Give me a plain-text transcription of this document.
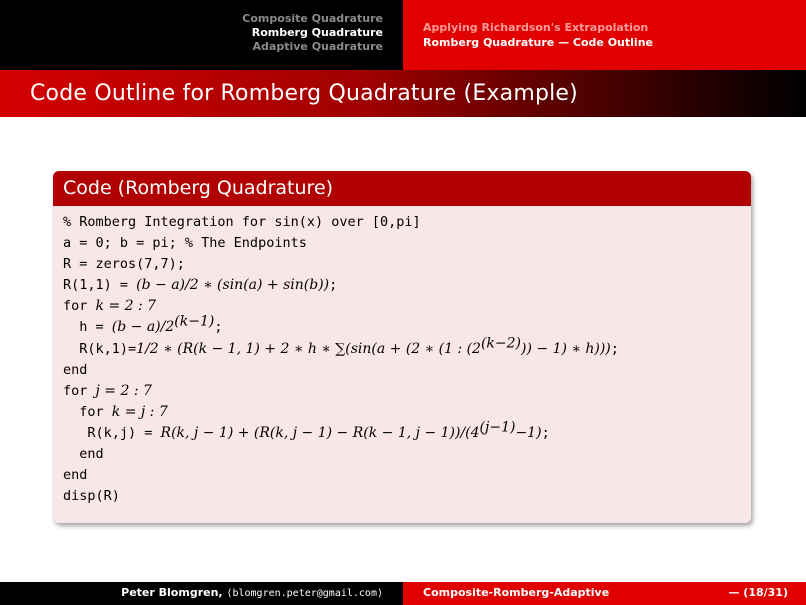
Composite Quadrature
Romberg Quadrature
Adaptive Quadrature
Applying Richardson's Extrapolation
Romberg Quadrature — Code Outline
Code Outline for Romberg Quadrature (Example)
Code (Romberg Quadrature)
% Romberg Integration for sin(x) over [0,pi]
a = 0; b = pi; % The Endpoints
R = zeros(7,7);
R(1,1) = (b − a)/2 ∗ (sin(a) + sin(b));
for k = 2 : 7
$h = (b - a)/2^{(k-1)}$;
R(k,1)=1/2 ∗ (R(k − 1, 1) + 2 ∗ h ∗ ∑(sin(a + (2 ∗ (1 : $(2^{(k-2)})) - 1$) ∗ h)));
end
for j = 2 : 7
for k = j : 7
R(k,j) = R(k, j − 1) + (R(k, j − 1) − R(k − 1, $j - 1))/(4^{(j-1)}-1)$;
end
end
disp(R)
Peter Blomgren, ⟨blomgren.peter@gmail.com⟩	Composite-Romberg-Adaptive	— (18/31)
